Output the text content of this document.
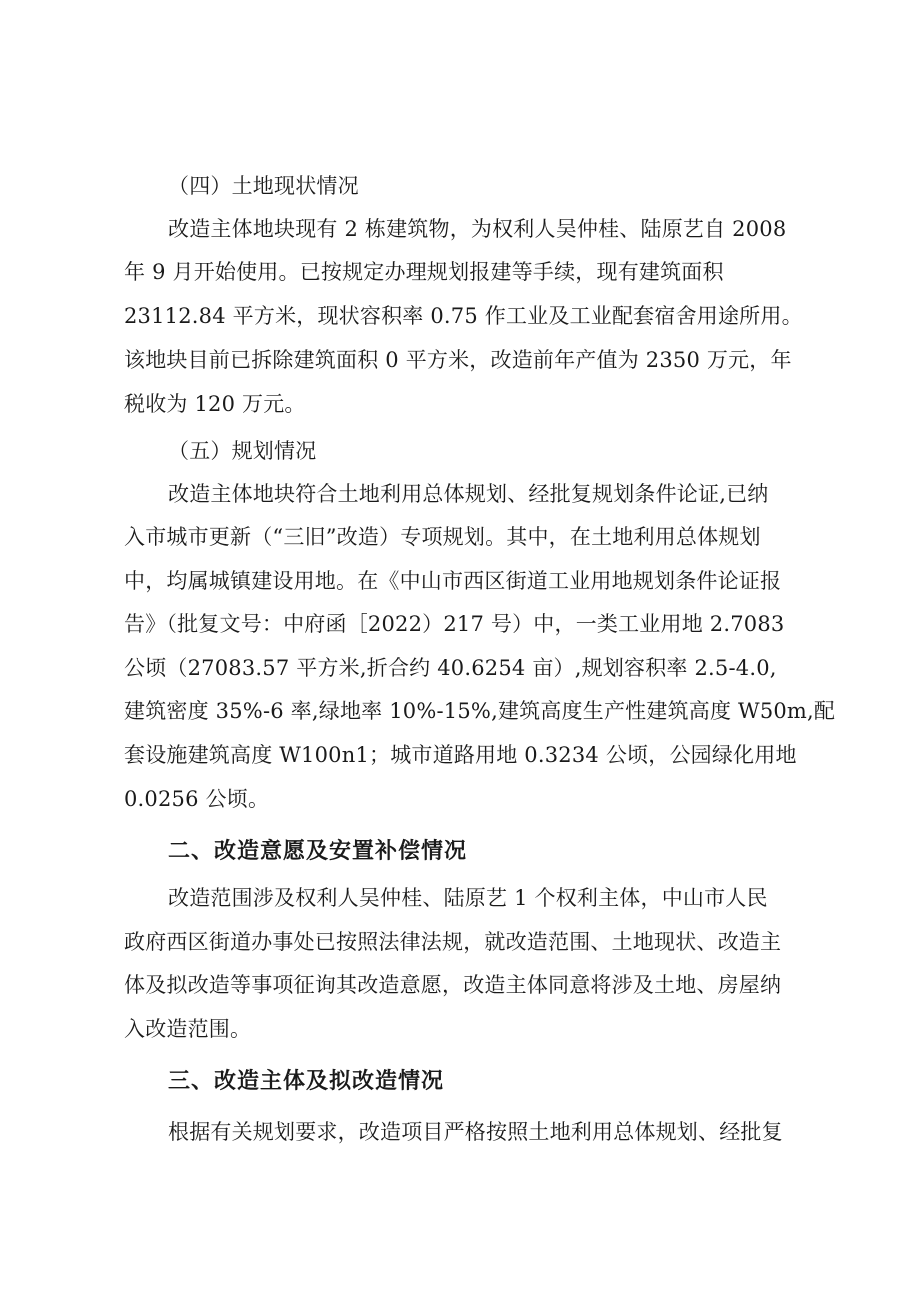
（四）土地现状情况
改造主体地块现有 2 栋建筑物，为权利人吴仲桂、陆原艺自 2008
年 9 月开始使用。已按规定办理规划报建等手续，现有建筑面积
23112.84 平方米，现状容积率 0.75 作工业及工业配套宿舍用途所用。
该地块目前已拆除建筑面积 0 平方米，改造前年产值为 2350 万元，年
税收为 120 万元。
（五）规划情况
改造主体地块符合土地利用总体规划、经批复规划条件论证,已纳
入市城市更新（“三旧”改造）专项规划。其中，在土地利用总体规划
中，均属城镇建设用地。在《中山市西区街道工业用地规划条件论证报
告》（批复文号：中府函［2022）217 号）中，一类工业用地 2.7083
公顷（27083.57 平方米,折合约 40.6254 亩）,规划容积率 2.5-4.0,
建筑密度 35%-6 率,绿地率 10%-15%,建筑高度生产性建筑高度 W50m,配
套设施建筑高度 W100n1；城市道路用地 0.3234 公顷，公园绿化用地
0.0256 公顷。
二、改造意愿及安置补偿情况
改造范围涉及权利人吴仲桂、陆原艺 1 个权利主体，中山市人民
政府西区街道办事处已按照法律法规，就改造范围、土地现状、改造主
体及拟改造等事项征询其改造意愿，改造主体同意将涉及土地、房屋纳
入改造范围。
三、改造主体及拟改造情况
根据有关规划要求，改造项目严格按照土地利用总体规划、经批复
